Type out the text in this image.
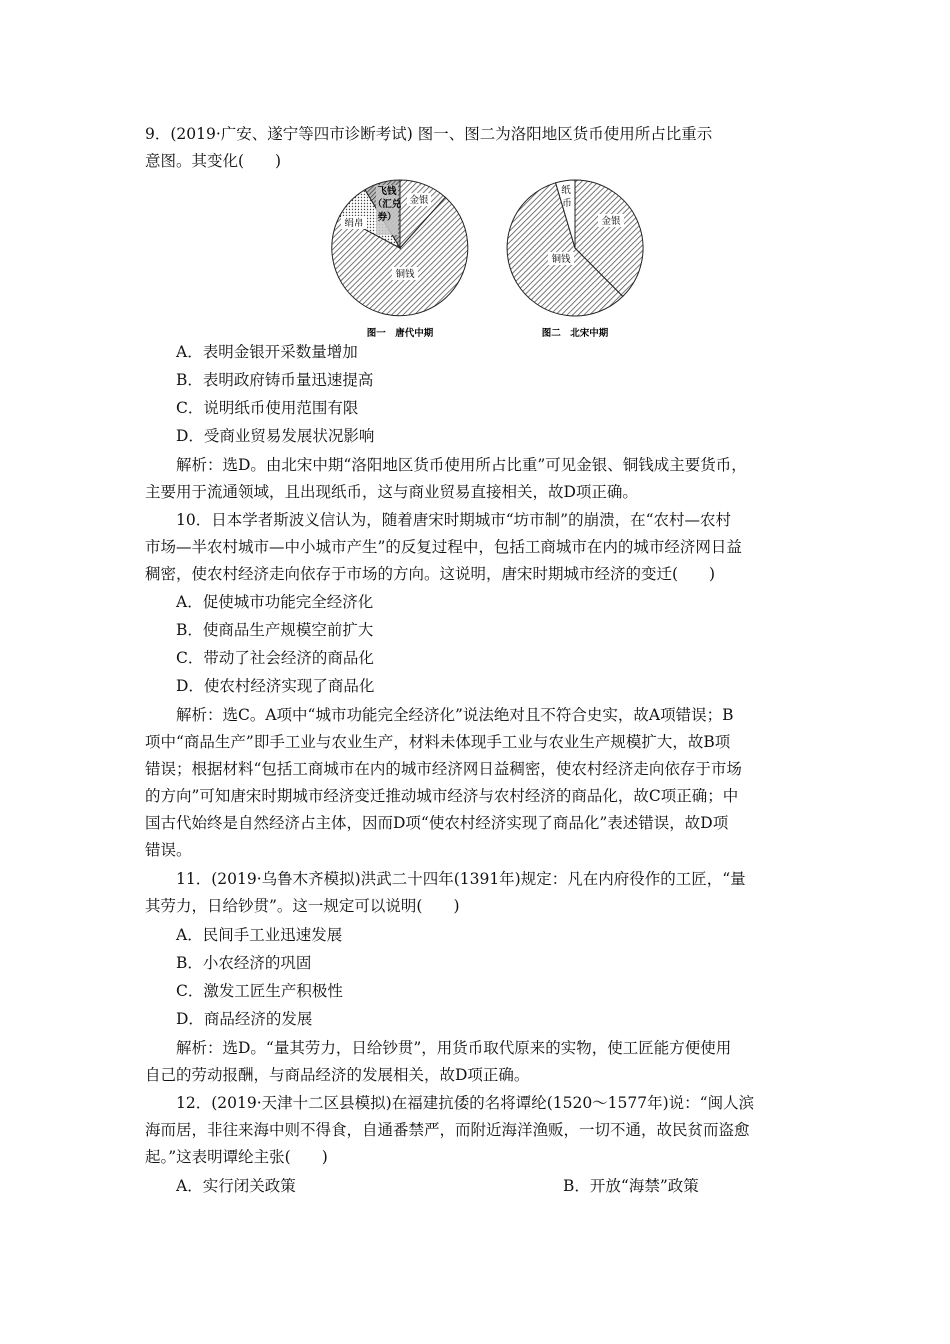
9．(2019·广安、遂宁等四市诊断考试) 图一、图二为洛阳地区货币使用所占比重示
意图。其变化(　　)
飞钱
（汇兑
券）
金银
绢帛
铜钱
图一　唐代中期
纸
币
金银
铜钱
图二　北宋中期
A．表明金银开采数量增加
B．表明政府铸币量迅速提高
C．说明纸币使用范围有限
D．受商业贸易发展状况影响
解析：选D。由北宋中期“洛阳地区货币使用所占比重”可见金银、铜钱成主要货币，
主要用于流通领域，且出现纸币，这与商业贸易直接相关，故D项正确。
10．日本学者斯波义信认为，随着唐宋时期城市“坊市制”的崩溃，在“农村—农村
市场—半农村城市—中小城市产生”的反复过程中，包括工商城市在内的城市经济网日益
稠密，使农村经济走向依存于市场的方向。这说明，唐宋时期城市经济的变迁(　　)
A．促使城市功能完全经济化
B．使商品生产规模空前扩大
C．带动了社会经济的商品化
D．使农村经济实现了商品化
解析：选C。A项中“城市功能完全经济化”说法绝对且不符合史实，故A项错误；B
项中“商品生产”即手工业与农业生产，材料未体现手工业与农业生产规模扩大，故B项
错误；根据材料“包括工商城市在内的城市经济网日益稠密，使农村经济走向依存于市场
的方向”可知唐宋时期城市经济变迁推动城市经济与农村经济的商品化，故C项正确；中
国古代始终是自然经济占主体，因而D项“使农村经济实现了商品化”表述错误，故D项
错误。
11．(2019·乌鲁木齐模拟)洪武二十四年(1391年)规定：凡在内府役作的工匠，“量
其劳力，日给钞贯”。这一规定可以说明(　　)
A．民间手工业迅速发展
B．小农经济的巩固
C．激发工匠生产积极性
D．商品经济的发展
解析：选D。“量其劳力，日给钞贯”，用货币取代原来的实物，使工匠能方便使用
自己的劳动报酬，与商品经济的发展相关，故D项正确。
12．(2019·天津十二区县模拟)在福建抗倭的名将谭纶(1520～1577年)说：“闽人滨
海而居，非往来海中则不得食，自通番禁严，而附近海洋渔贩，一切不通，故民贫而盗愈
起。”这表明谭纶主张(　　)
A．实行闭关政策	B．开放“海禁”政策
